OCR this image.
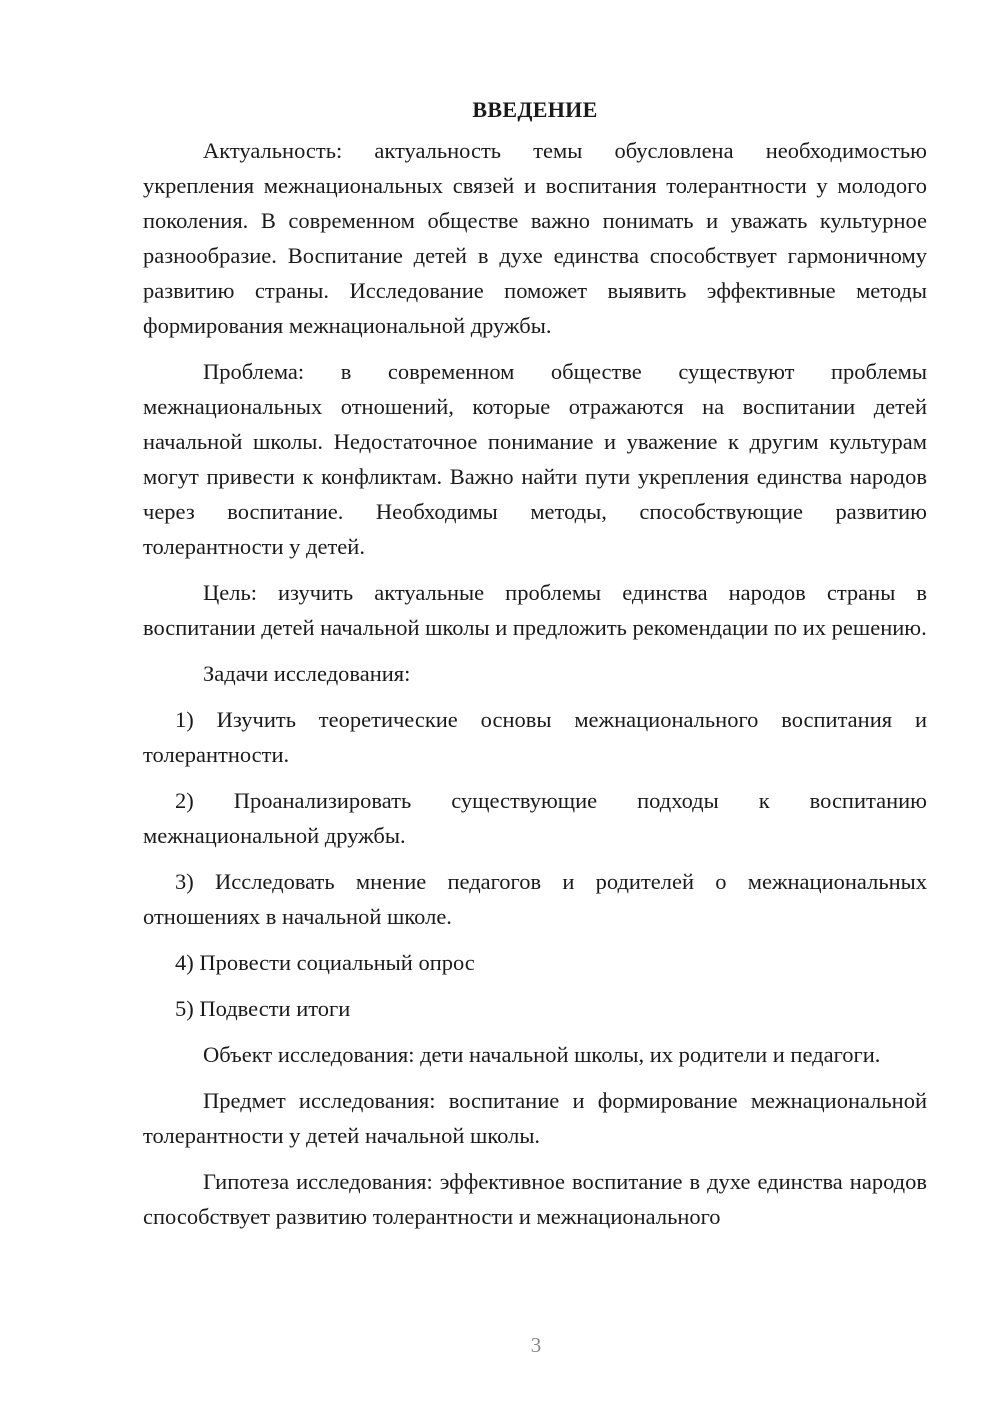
ВВЕДЕНИЕ

Актуальность: актуальность темы обусловлена необходимостью укрепления межнациональных связей и воспитания толерантности у молодого поколения. В современном обществе важно понимать и уважать культурное разнообразие. Воспитание детей в духе единства способствует гармоничному развитию страны. Исследование поможет выявить эффективные методы формирования межнациональной дружбы.

Проблема: в современном обществе существуют проблемы межнациональных отношений, которые отражаются на воспитании детей начальной школы. Недостаточное понимание и уважение к другим культурам могут привести к конфликтам. Важно найти пути укрепления единства народов через воспитание. Необходимы методы, способствующие развитию толерантности у детей.

Цель: изучить актуальные проблемы единства народов страны в воспитании детей начальной школы и предложить рекомендации по их решению.

Задачи исследования:

1) Изучить теоретические основы межнационального воспитания и толерантности.

2) Проанализировать существующие подходы к воспитанию межнациональной дружбы.

3) Исследовать мнение педагогов и родителей о межнациональных отношениях в начальной школе.

4) Провести социальный опрос

5) Подвести итоги

Объект исследования: дети начальной школы, их родители и педагоги.

Предмет исследования: воспитание и формирование межнациональной толерантности у детей начальной школы.

Гипотеза исследования: эффективное воспитание в духе единства народов способствует развитию толерантности и межнационального

3
